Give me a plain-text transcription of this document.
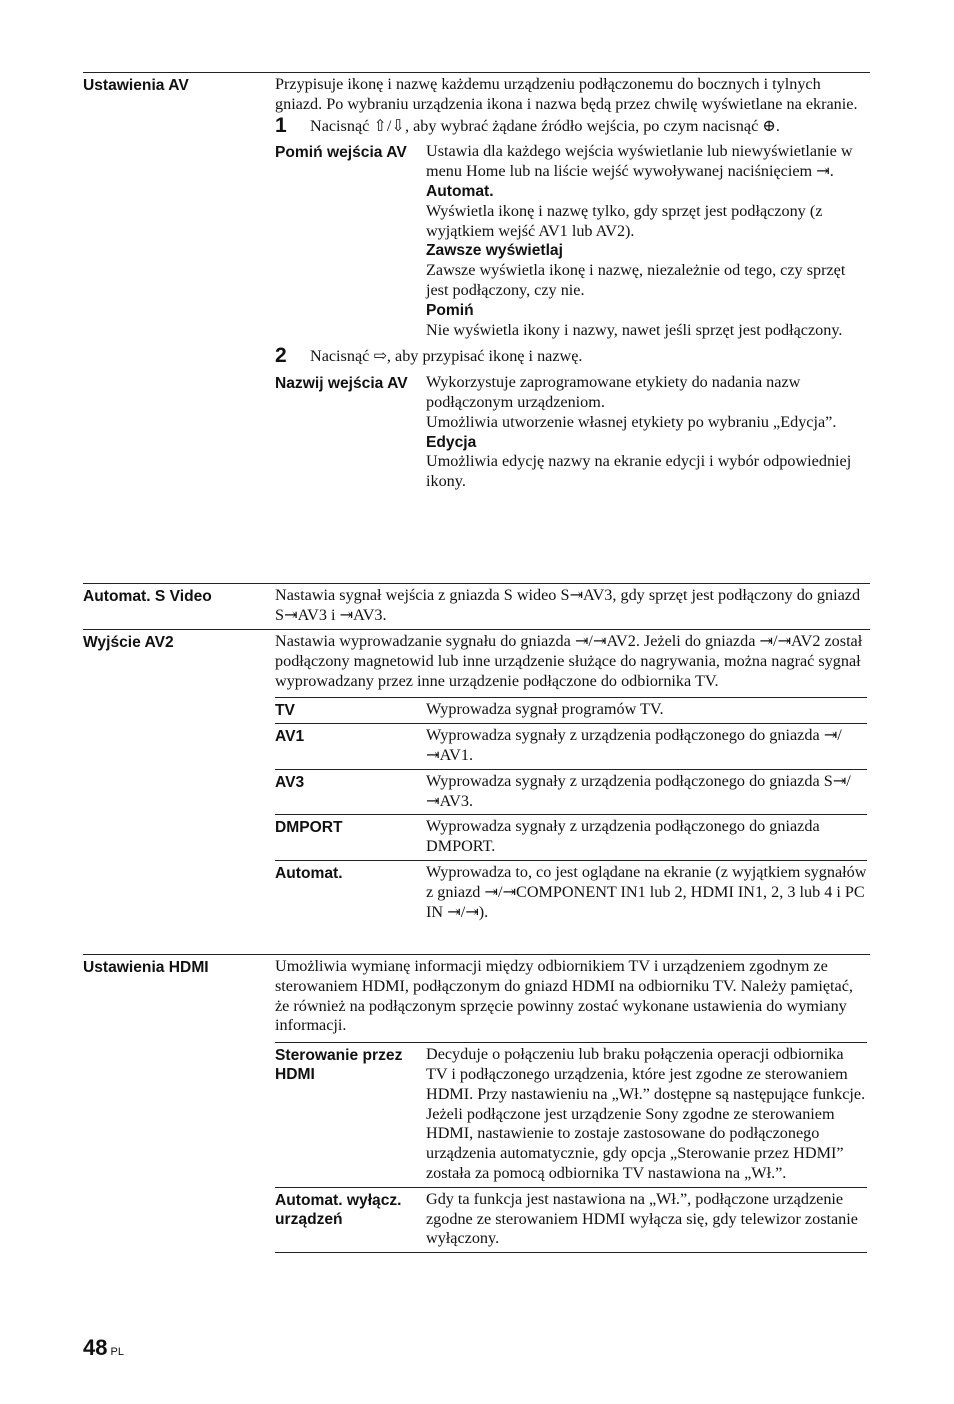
Ustawienia AV	Przypisuje ikonę i nazwę każdemu urządzeniu podłączonemu do bocznych i tylnych gniazd. Po wybraniu urządzenia ikona i nazwa będą przez chwilę wyświetlane na ekranie.

1 Nacisnąć ⇧/⇩, aby wybrać żądane źródło wejścia, po czym nacisnąć ⊕.
Pomiń wejścia AV	Ustawia dla każdego wejścia wyświetlanie lub niewyświetlanie w menu Home lub na liście wejść wywoływanej naciśnięciem ⇥.
Automat.
Wyświetla ikonę i nazwę tylko, gdy sprzęt jest podłączony (z wyjątkiem wejść AV1 lub AV2).
Zawsze wyświetlaj
Zawsze wyświetla ikonę i nazwę, niezależnie od tego, czy sprzęt jest podłączony, czy nie.
Pomiń
Nie wyświetla ikony i nazwy, nawet jeśli sprzęt jest podłączony.
2 Nacisnąć ⇨, aby przypisać ikonę i nazwę.
Nazwij wejścia AV	Wykorzystuje zaprogramowane etykiety do nadania nazw podłączonym urządzeniom.
Umożliwia utworzenie własnej etykiety po wybraniu „Edycja”.
Edycja
Umożliwia edycję nazwy na ekranie edycji i wybór odpowiedniej ikony.
Automat. S Video	Nastawia sygnał wejścia z gniazda S wideo S⇥AV3, gdy sprzęt jest podłączony do gniazd S⇥AV3 i ⇥AV3.

Wyjście AV2	Nastawia wyprowadzanie sygnału do gniazda ⇥/⇥AV2. Jeżeli do gniazda ⇥/⇥AV2 został podłączony magnetowid lub inne urządzenie służące do nagrywania, można nagrać sygnał wyprowadzany przez inne urządzenie podłączone do odbiornika TV.

TV	Wyprowadza sygnał programów TV.
AV1	Wyprowadza sygnały z urządzenia podłączonego do gniazda ⇥/⇥AV1.
AV3	Wyprowadza sygnały z urządzenia podłączonego do gniazda S⇥/⇥AV3.
DMPORT	Wyprowadza sygnały z urządzenia podłączonego do gniazda DMPORT.
Automat.	Wyprowadza to, co jest oglądane na ekranie (z wyjątkiem sygnałów z gniazd ⇥/⇥COMPONENT IN1 lub 2, HDMI IN1, 2, 3 lub 4 i PC IN ⇥/⇥).
Ustawienia HDMI	Umożliwia wymianę informacji między odbiornikiem TV i urządzeniem zgodnym ze sterowaniem HDMI, podłączonym do gniazd HDMI na odbiorniku TV. Należy pamiętać, że również na podłączonym sprzęcie powinny zostać wykonane ustawienia do wymiany informacji.

Sterowanie przez HDMI
Decyduje o połączeniu lub braku połączenia operacji odbiornika TV i podłączonego urządzenia, które jest zgodne ze sterowaniem HDMI. Przy nastawieniu na „Wł.” dostępne są następujące funkcje.
Jeżeli podłączone jest urządzenie Sony zgodne ze sterowaniem HDMI, nastawienie to zostaje zastosowane do podłączonego urządzenia automatycznie, gdy opcja „Sterowanie przez HDMI” została za pomocą odbiornika TV nastawiona na „Wł.”.
Automat. wyłącz. urządzeń
Gdy ta funkcja jest nastawiona na „Wł.”, podłączone urządzenie zgodne ze sterowaniem HDMI wyłącza się, gdy telewizor zostanie wyłączony.
48 PL
